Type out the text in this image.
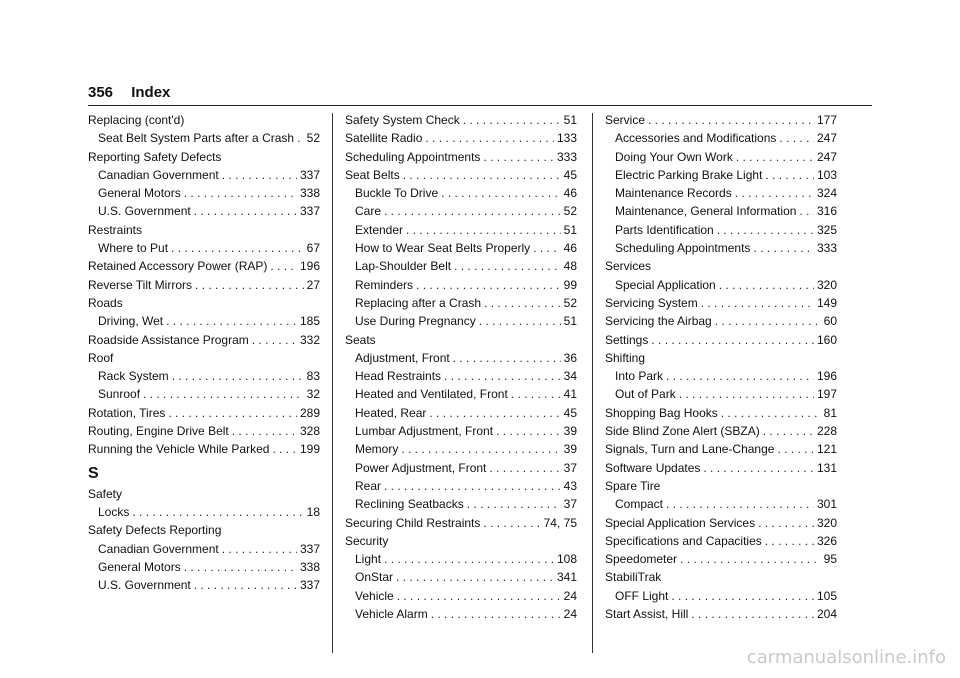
356 Index
Replacing (cont'd)
Seat Belt System Parts after a Crash . . . 52
Reporting Safety Defects
Canadian Government . . .	337
General Motors . . .	338
U.S. Government . . .	337
Restraints
Where to Put . . .	67
Retained Accessory Power (RAP) . . .	196
Reverse Tilt Mirrors . . .	27
Roads
Driving, Wet . . .	185
Roadside Assistance Program . . .	332
Roof
Rack System . . .	83
Sunroof . . .	32
Rotation, Tires . . .	289
Routing, Engine Drive Belt . . .	328
Running the Vehicle While Parked . . .	199
S
Safety
Locks . . .	18
Safety Defects Reporting
Canadian Government . . .	337
General Motors . . .	338
U.S. Government . . .	337
Safety System Check . . .	51
Satellite Radio . . .	133
Scheduling Appointments . . .	333
Seat Belts . . .	45
Buckle To Drive . . .	46
Care . . .	52
Extender . . .	51
How to Wear Seat Belts Properly . . .	46
Lap-Shoulder Belt . . .	48
Reminders . . .	99
Replacing after a Crash . . .	52
Use During Pregnancy . . .	51
Seats
Adjustment, Front . . .	36
Head Restraints . . .	34
Heated and Ventilated, Front . . .	41
Heated, Rear . . .	45
Lumbar Adjustment, Front . . .	39
Memory . . .	39
Power Adjustment, Front . . .	37
Rear . . .	43
Reclining Seatbacks . . .	37
Securing Child Restraints . . .	74, 75
Security
Light . . .	108
OnStar . . .	341
Vehicle . . .	24
Vehicle Alarm . . .	24
Service . . .	177
Accessories and Modifications . . .	247
Doing Your Own Work . . .	247
Electric Parking Brake Light . . .	103
Maintenance Records . . .	324
Maintenance, General Information . . . 316
Parts Identification . . .	325
Scheduling Appointments . . .	333
Services
Special Application . . .	320
Servicing System . . .	149
Servicing the Airbag . . .	60
Settings . . .	160
Shifting
Into Park . . .	196
Out of Park . . .	197
Shopping Bag Hooks . . .	81
Side Blind Zone Alert (SBZA) . . .	228
Signals, Turn and Lane-Change . . .	121
Software Updates . . .	131
Spare Tire
Compact . . .	301
Special Application Services . . .	320
Specifications and Capacities . . .	326
Speedometer . . .	95
StabiliTrak
OFF Light . . .	105
Start Assist, Hill . . .	204
carmanualsonline.info
